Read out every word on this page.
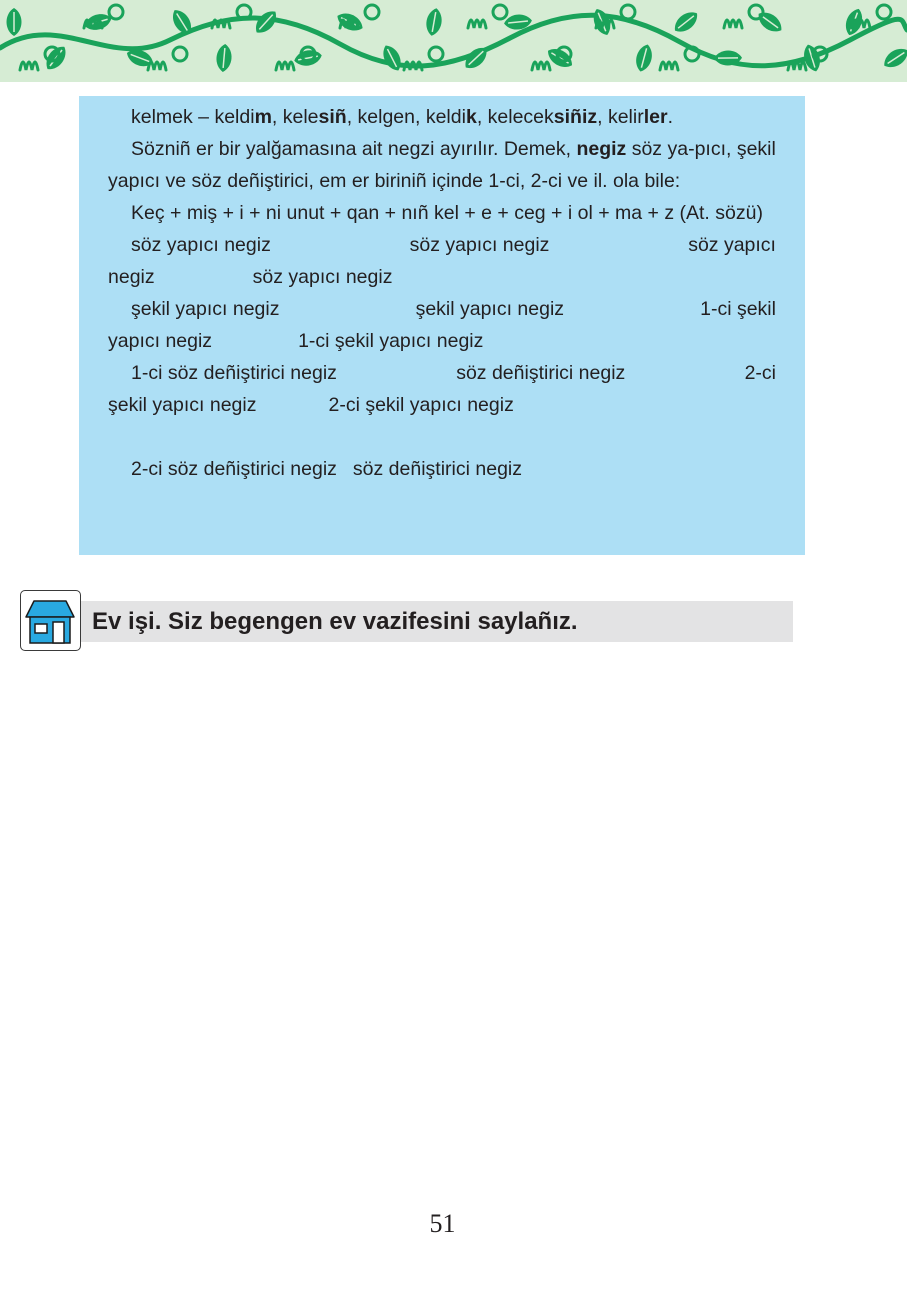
kelmek – keldim, kelesiñ, kelgen, keldik, keleceksiñiz, kelirler.

Sözniñ er bir yalğamasına ait negzi ayırılır. Demek, negiz söz ya-pıcı, şekil yapıcı ve söz deñiştirici, em er biriniñ içinde 1-ci, 2-ci ve il. ola bile:

Keç + miş + i + ni unut + qan + nıñ kel + e + ceg + i ol + ma + z (At. sözü)

söz yapıcı negiz	söz yapıcı negiz	söz yapıcı
negiz	söz yapıcı negiz
şekil yapıcı negiz	şekil yapıcı negiz	1-ci şekil
yapıcı negiz	1-ci şekil yapıcı negiz
1-ci söz deñiştirici negiz	söz deñiştirici negiz	2-ci
şekil yapıcı negiz	2-ci şekil yapıcı negiz
2-ci söz deñiştirici negiz söz deñiştirici negiz
Ev işi. Siz begengen ev vazifesini saylañız.
51
